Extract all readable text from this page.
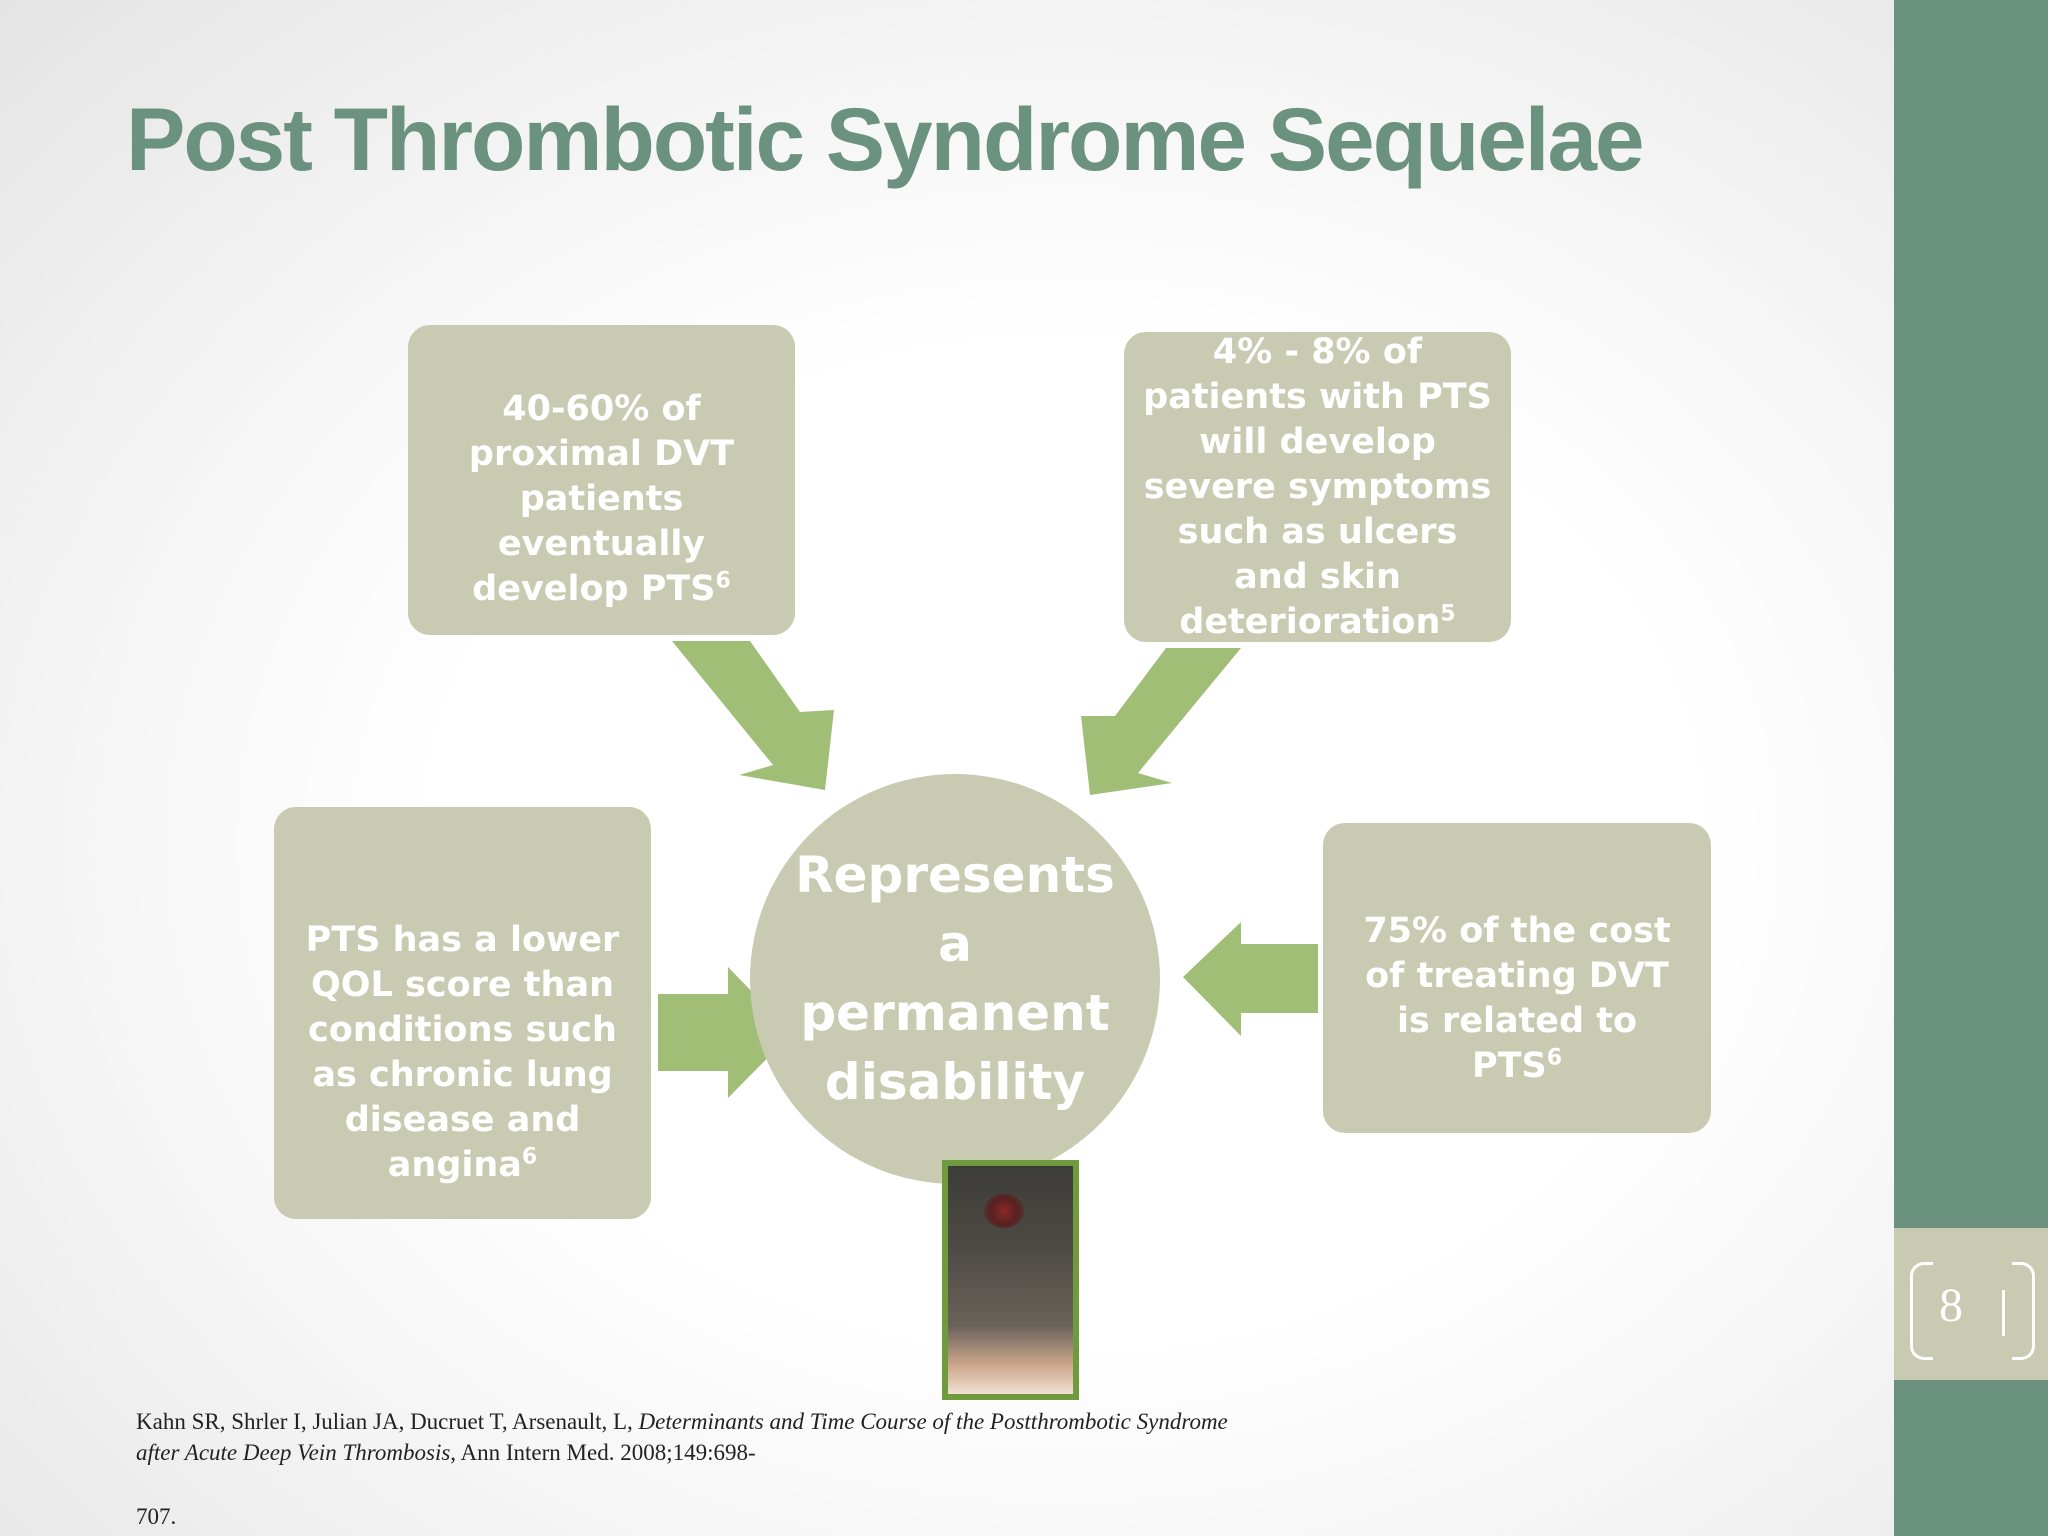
8
Post Thrombotic Syndrome Sequelae
40-60% of proximal DVT patients eventually develop PTS$^6$
4% - 8% of patients with PTS will develop severe symptoms such as ulcers and skin deterioration$^5$
PTS has a lower QOL score than conditions such as chronic lung disease and angina$^6$
75% of the cost of treating DVT is related to PTS$^6$
Represents a permanent disability
Kahn SR, Shrler I, Julian JA, Ducruet T, Arsenault, L, Determinants and Time Course of the Postthrombotic Syndrome after Acute Deep Vein Thrombosis, Ann Intern Med. 2008;149:698-
707.
